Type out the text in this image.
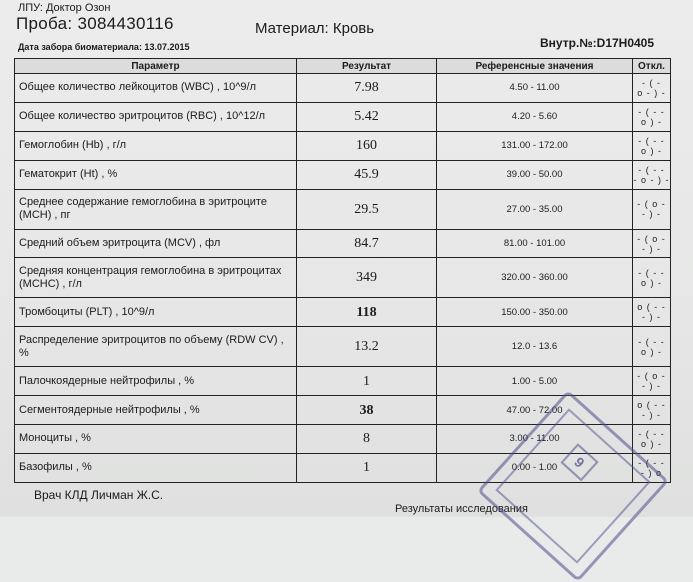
ЛПУ: Доктор Озон
Проба: 3084430116	Материал: Кровь
Дата забора биоматериала: 13.07.2015	Внутр.№:D17H0405
Параметр	Результат	Референсные значения	Откл.
Общее количество лейкоцитов (WBC) , 10^9/л	7.98	4.50 - 11.00	- ( -
o - ) -

Общее количество эритроцитов (RBC) , 10^12/л	5.42	4.20 - 5.60	- ( - -
o ) -

Гемоглобин (Hb) , г/л	160	131.00 - 172.00	- ( - -
o ) -

Гематокрит (Ht) , %	45.9	39.00 - 50.00	- ( - -
- o - ) -

Среднее содержание гемоглобина в эритроците (MCH) , пг	29.5	27.00 - 35.00	- ( o -
- ) -

Средний объем эритроцита (MCV) , фл	84.7	81.00 - 101.00	- ( o -
- ) -

Средняя концентрация гемоглобина в эритроцитах (MCHC) , г/л	349	320.00 - 360.00	- ( - -
o ) -

Тромбоциты (PLT) , 10^9/л	118	150.00 - 350.00	o ( - -
- ) -

Распределение эритроцитов по объему (RDW CV) , %	13.2	12.0 - 13.6	- ( - -
o ) -

Палочкоядерные нейтрофилы , %	1	1.00 - 5.00	- ( o -
- ) -

Сегментоядерные нейтрофилы , %	38	47.00 - 72.00	o ( - -
- ) -

Моноциты , %	8	3.00 - 11.00	- ( - -
o ) -

Базофилы , %	1	0.00 - 1.00	- ( - -
- ) o
Врач КЛД Личман Ж.С.
Результаты исследования
9
